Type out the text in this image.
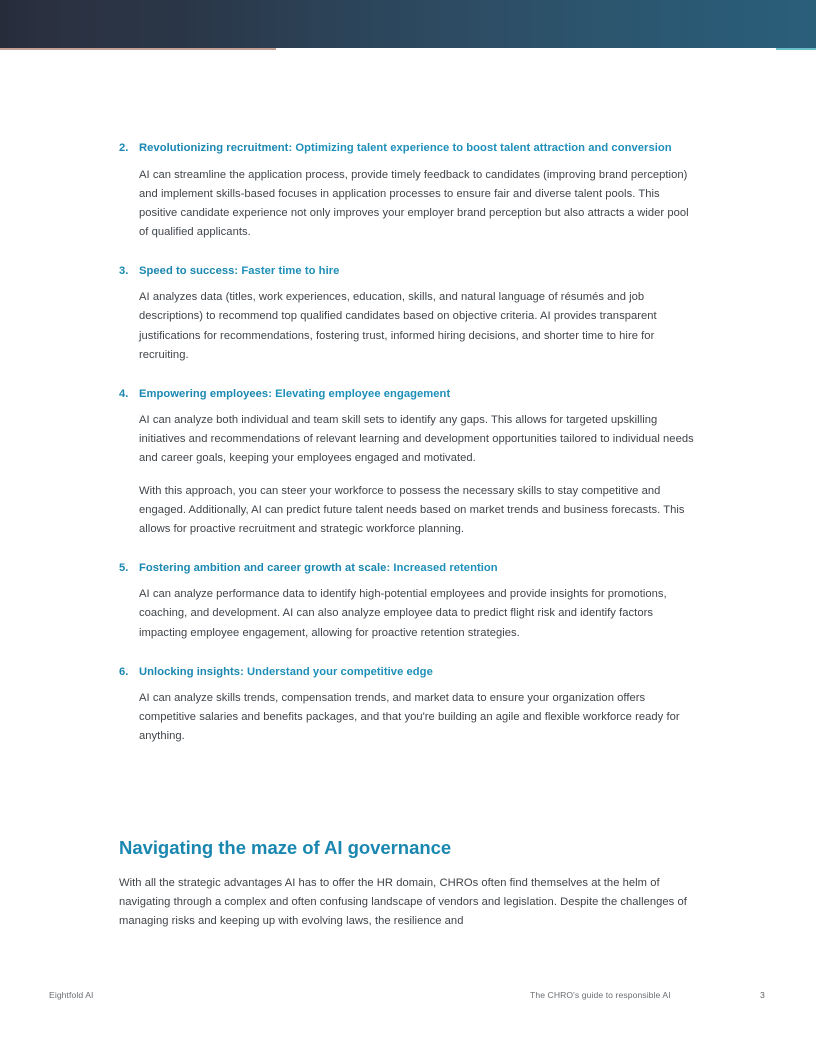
2. Revolutionizing recruitment: Optimizing talent experience to boost talent attraction and conversion

AI can streamline the application process, provide timely feedback to candidates (improving brand perception) and implement skills-based focuses in application processes to ensure fair and diverse talent pools. This positive candidate experience not only improves your employer brand perception but also attracts a wider pool of qualified applicants.

3. Speed to success: Faster time to hire

AI analyzes data (titles, work experiences, education, skills, and natural language of résumés and job descriptions) to recommend top qualified candidates based on objective criteria. AI provides transparent justifications for recommendations, fostering trust, informed hiring decisions, and shorter time to hire for recruiting.

4. Empowering employees: Elevating employee engagement

AI can analyze both individual and team skill sets to identify any gaps. This allows for targeted upskilling initiatives and recommendations of relevant learning and development opportunities tailored to individual needs and career goals, keeping your employees engaged and motivated.

With this approach, you can steer your workforce to possess the necessary skills to stay competitive and engaged. Additionally, AI can predict future talent needs based on market trends and business forecasts. This allows for proactive recruitment and strategic workforce planning.

5. Fostering ambition and career growth at scale: Increased retention

AI can analyze performance data to identify high-potential employees and provide insights for promotions, coaching, and development. AI can also analyze employee data to predict flight risk and identify factors impacting employee engagement, allowing for proactive retention strategies.

6. Unlocking insights: Understand your competitive edge

AI can analyze skills trends, compensation trends, and market data to ensure your organization offers competitive salaries and benefits packages, and that you're building an agile and flexible workforce ready for anything.

Navigating the maze of AI governance

With all the strategic advantages AI has to offer the HR domain, CHROs often find themselves at the helm of navigating through a complex and often confusing landscape of vendors and legislation. Despite the challenges of managing risks and keeping up with evolving laws, the resilience and

Eightfold AI	The CHRO's guide to responsible AI	3
